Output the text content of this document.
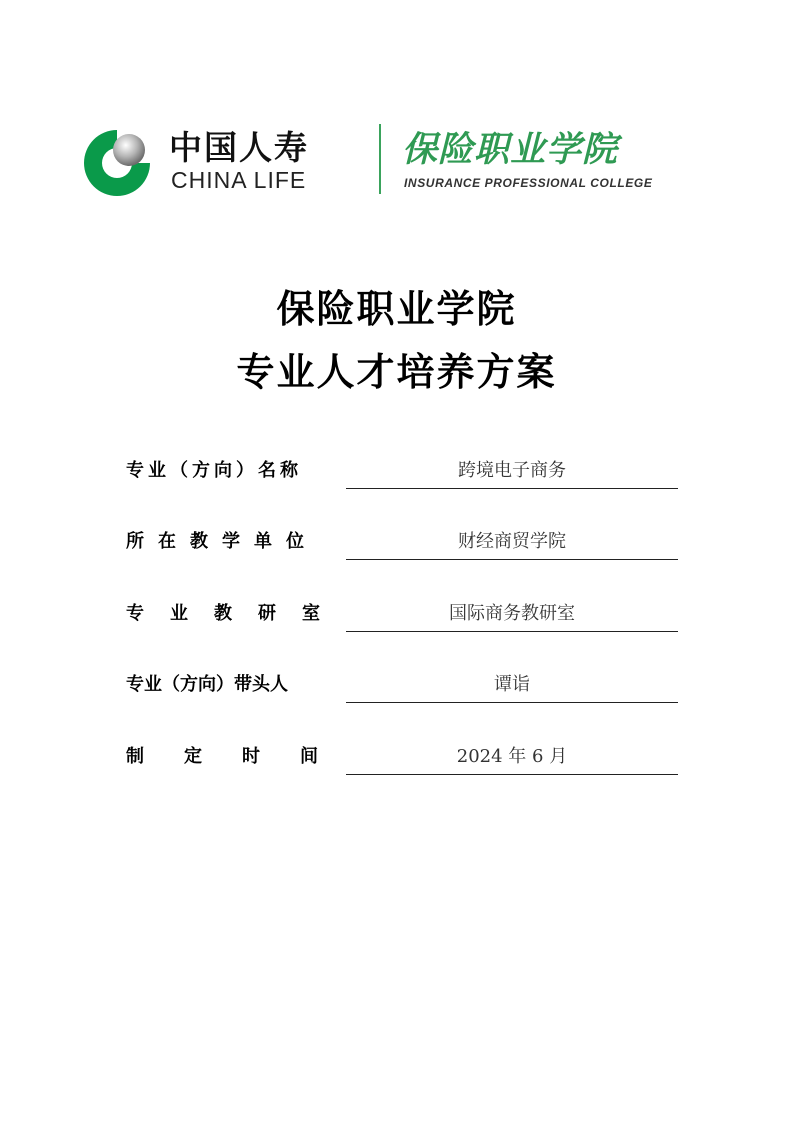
中国人寿
CHINA LIFE
保险职业学院
INSURANCE PROFESSIONAL COLLEGE
保险职业学院
专业人才培养方案
专业（方向）名称	跨境电子商务
所在教学单位	财经商贸学院
专业教研室	国际商务教研室
专业（方向）带头人	谭诣
制定时间	2024 年 6 月
